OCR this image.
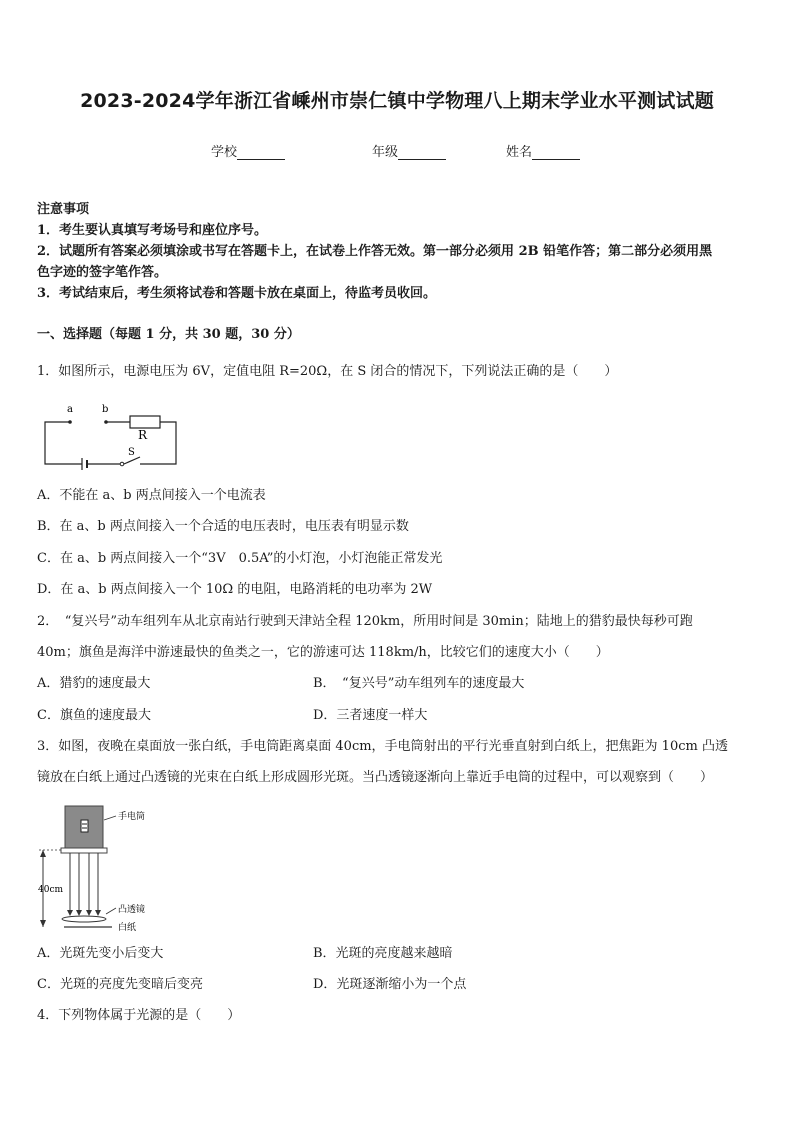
2023-2024学年浙江省嵊州市崇仁镇中学物理八上期末学业水平测试试题
学校	年级	姓名
注意事项
1．考生要认真填写考场号和座位序号。
2．试题所有答案必须填涂或书写在答题卡上，在试卷上作答无效。第一部分必须用 2B 铅笔作答；第二部分必须用黑
色字迹的签字笔作答。
3．考试结束后，考生须将试卷和答题卡放在桌面上，待监考员收回。
一、选择题（每题 1 分，共 30 题，30 分）
1．如图所示，电源电压为 6V，定值电阻 R=20Ω，在 S 闭合的情况下，下列说法正确的是（　　）
a	b
R
S
A．不能在 a、b 两点间接入一个电流表
B．在 a、b 两点间接入一个合适的电压表时，电压表有明显示数
C．在 a、b 两点间接入一个“3V　0.5A”的小灯泡，小灯泡能正常发光
D．在 a、b 两点间接入一个 10Ω 的电阻，电路消耗的电功率为 2W
2．　“复兴号”动车组列车从北京南站行驶到天津站全程 120km，所用时间是 30min；陆地上的猎豹最快每秒可跑
40m；旗鱼是海洋中游速最快的鱼类之一，它的游速可达 118km/h，比较它们的速度大小（　　）
A．猎豹的速度最大	B．　“复兴号”动车组列车的速度最大
C．旗鱼的速度最大	D．三者速度一样大
3．如图，夜晚在桌面放一张白纸，手电筒距离桌面 40cm，手电筒射出的平行光垂直射到白纸上，把焦距为 10cm 凸透
镜放在白纸上通过凸透镜的光束在白纸上形成圆形光斑。当凸透镜逐渐向上靠近手电筒的过程中，可以观察到（　　）
40cm
手电筒
凸透镜
白纸
A．光斑先变小后变大	B．光斑的亮度越来越暗
C．光斑的亮度先变暗后变亮	D．光斑逐渐缩小为一个点
4．下列物体属于光源的是（　　）
